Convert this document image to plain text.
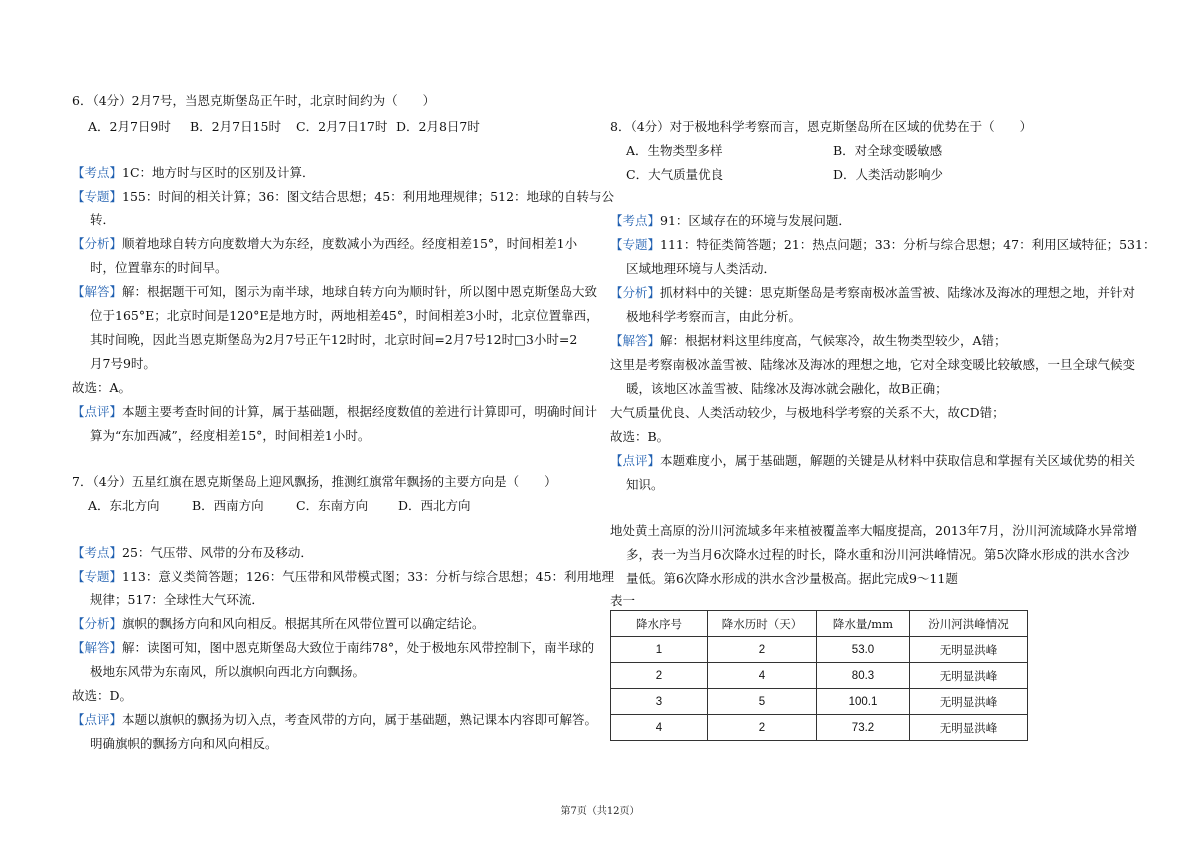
6．（4分）2月7号，当恩克斯堡岛正午时，北京时间约为（　　）
A．2月7日9时 B．2月7日15时 C．2月7日17时 D．2月8日7时
【考点】1C：地方时与区时的区别及计算．
【专题】155：时间的相关计算；36：图文结合思想；45：利用地理规律；512：地球的自转与公
转．
【分析】顺着地球自转方向度数增大为东经，度数减小为西经。经度相差15°，时间相差1小
时，位置靠东的时间早。
【解答】解：根据题干可知，图示为南半球，地球自转方向为顺时针，所以图中恩克斯堡岛大致
位于165°E；北京时间是120°E是地方时，两地相差45°，时间相差3小时，北京位置靠西，
其时间晚，因此当恩克斯堡岛为2月7号正午12时时，北京时间=2月7号12时□3小时=2
月7号9时。
故选：A。
【点评】本题主要考查时间的计算，属于基础题，根据经度数值的差进行计算即可，明确时间计
算为“东加西减”，经度相差15°，时间相差1小时。
7．（4分）五星红旗在恩克斯堡岛上迎风飘扬，推测红旗常年飘扬的主要方向是（　　）
A．东北方向	B．西南方向	C．东南方向 D．西北方向
【考点】25：气压带、风带的分布及移动．
【专题】113：意义类简答题；126：气压带和风带模式图；33：分析与综合思想；45：利用地理
规律；517：全球性大气环流．
【分析】旗帜的飘扬方向和风向相反。根据其所在风带位置可以确定结论。
【解答】解：读图可知，图中恩克斯堡岛大致位于南纬78°，处于极地东风带控制下，南半球的
极地东风带为东南风，所以旗帜向西北方向飘扬。
故选：D。
【点评】本题以旗帜的飘扬为切入点，考查风带的方向，属于基础题，熟记课本内容即可解答。
明确旗帜的飘扬方向和风向相反。
8．（4分）对于极地科学考察而言，恩克斯堡岛所在区域的优势在于（　　）
A．生物类型多样	B．对全球变暖敏感
C．大气质量优良	D．人类活动影响少
【考点】91：区域存在的环境与发展问题．
【专题】111：特征类简答题；21：热点问题；33：分析与综合思想；47：利用区域特征；531：
区域地理环境与人类活动．
【分析】抓材料中的关键：思克斯堡岛是考察南极冰盖雪被、陆缘冰及海冰的理想之地，并针对
极地科学考察而言，由此分析。
【解答】解：根据材料这里纬度高，气候寒冷，故生物类型较少，A错；
这里是考察南极冰盖雪被、陆缘冰及海冰的理想之地，它对全球变暖比较敏感，一旦全球气候变
暖，该地区冰盖雪被、陆缘冰及海冰就会融化，故B正确；
大气质量优良、人类活动较少，与极地科学考察的关系不大，故CD错；
故选：B。
【点评】本题难度小，属于基础题，解题的关键是从材料中获取信息和掌握有关区域优势的相关
知识。
地处黄土高原的汾川河流域多年来植被覆盖率大幅度提高，2013年7月，汾川河流域降水异常增
多，表一为当月6次降水过程的时长，降水重和汾川河洪峰情况。第5次降水形成的洪水含沙
量低。第6次降水形成的洪水含沙量极高。据此完成9～11题
表一
降水序号	降水历时（天）	降水量/mm	汾川河洪峰情况
1	2	53.0	无明显洪峰
2	4	80.3	无明显洪峰
3	5	100.1	无明显洪峰
4	2	73.2	无明显洪峰
第7页（共12页）
